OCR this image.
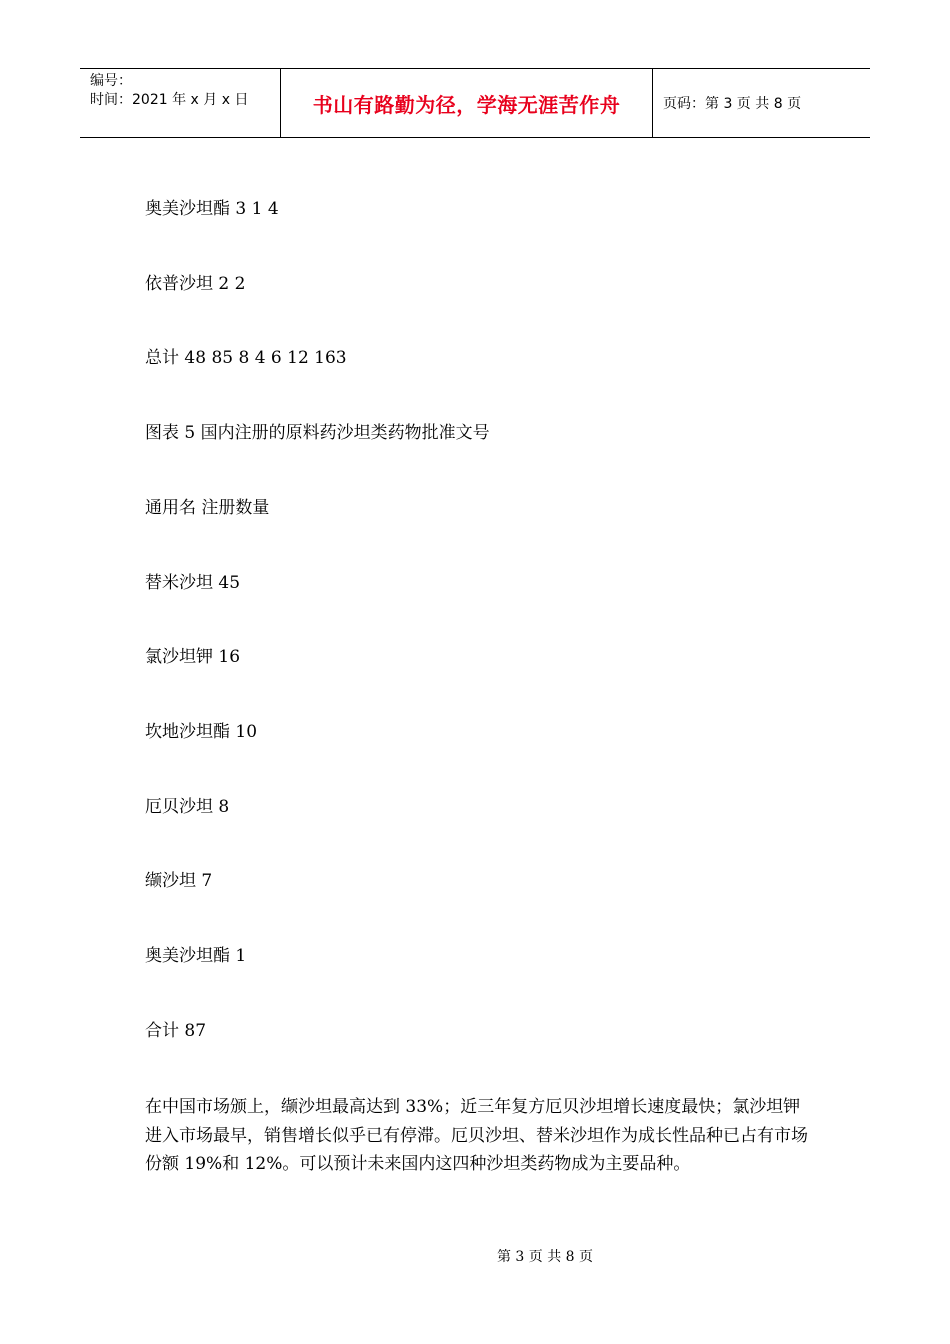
编号：
时间：2021 年 x 月 x 日	书山有路勤为径，学海无涯苦作舟	页码：第 3 页 共 8 页
奥美沙坦酯 3 1 4
依普沙坦 2 2
总计 48 85 8 4 6 12 163
图表 5 国内注册的原料药沙坦类药物批准文号
通用名 注册数量
替米沙坦 45
氯沙坦钾 16
坎地沙坦酯 10
厄贝沙坦 8
缬沙坦 7
奥美沙坦酯 1
合计 87
在中国市场颁上，缬沙坦最高达到 33%；近三年复方厄贝沙坦增长速度最快；氯沙坦钾进入市场最早，销售增长似乎已有停滞。厄贝沙坦、替米沙坦作为成长性品种已占有市场份额 19%和 12%。可以预计未来国内这四种沙坦类药物成为主要品种。
第 3 页 共 8 页
